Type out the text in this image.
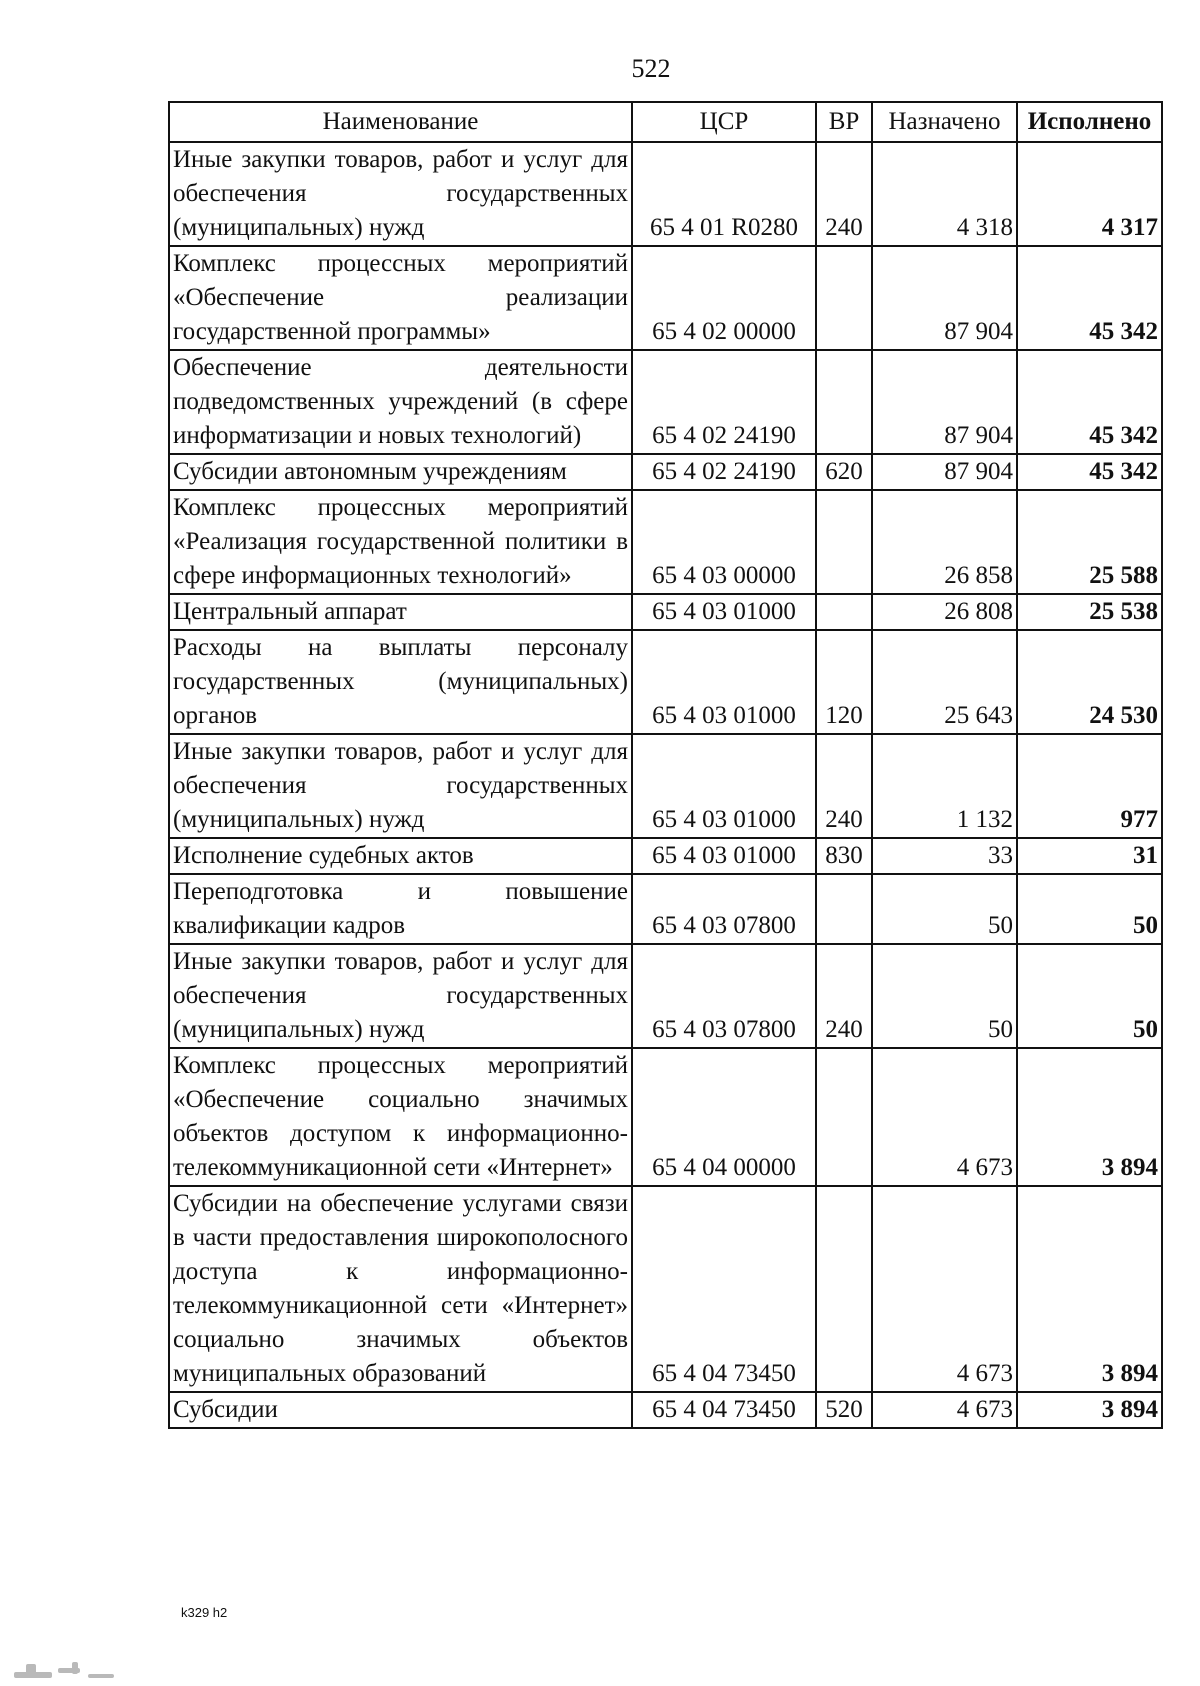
522
Наименование	ЦСР	ВР	Назначено	Исполнено
Иные закупки товаров, работ и услуг для обеспечения государственных (муниципальных) нужд	65 4 01 R0280	240	4 318	4 317
Комплекс процессных мероприятий «Обеспечение реализации государственной программы»	65 4 02 00000		87 904	45 342
Обеспечение деятельности подведомственных учреждений (в сфере информатизации и новых технологий)	65 4 02 24190		87 904	45 342
Субсидии автономным учреждениям	65 4 02 24190	620	87 904	45 342
Комплекс процессных мероприятий «Реализация государственной политики в сфере информационных технологий»	65 4 03 00000		26 858	25 588
Центральный аппарат	65 4 03 01000		26 808	25 538
Расходы на выплаты персоналу государственных (муниципальных) органов	65 4 03 01000	120	25 643	24 530
Иные закупки товаров, работ и услуг для обеспечения государственных (муниципальных) нужд	65 4 03 01000	240	1 132	977
Исполнение судебных актов	65 4 03 01000	830	33	31
Переподготовка и повышение квалификации кадров	65 4 03 07800		50	50
Иные закупки товаров, работ и услуг для обеспечения государственных (муниципальных) нужд	65 4 03 07800	240	50	50
Комплекс процессных мероприятий «Обеспечение социально значимых объектов доступом к информационно-телекоммуникационной сети «Интернет»	65 4 04 00000		4 673	3 894
Субсидии на обеспечение услугами связи в части предоставления широкополосного доступа к информационно-телекоммуникационной сети «Интернет» социально значимых объектов муниципальных образований	65 4 04 73450		4 673	3 894
Субсидии	65 4 04 73450	520	4 673	3 894
k329 h2
